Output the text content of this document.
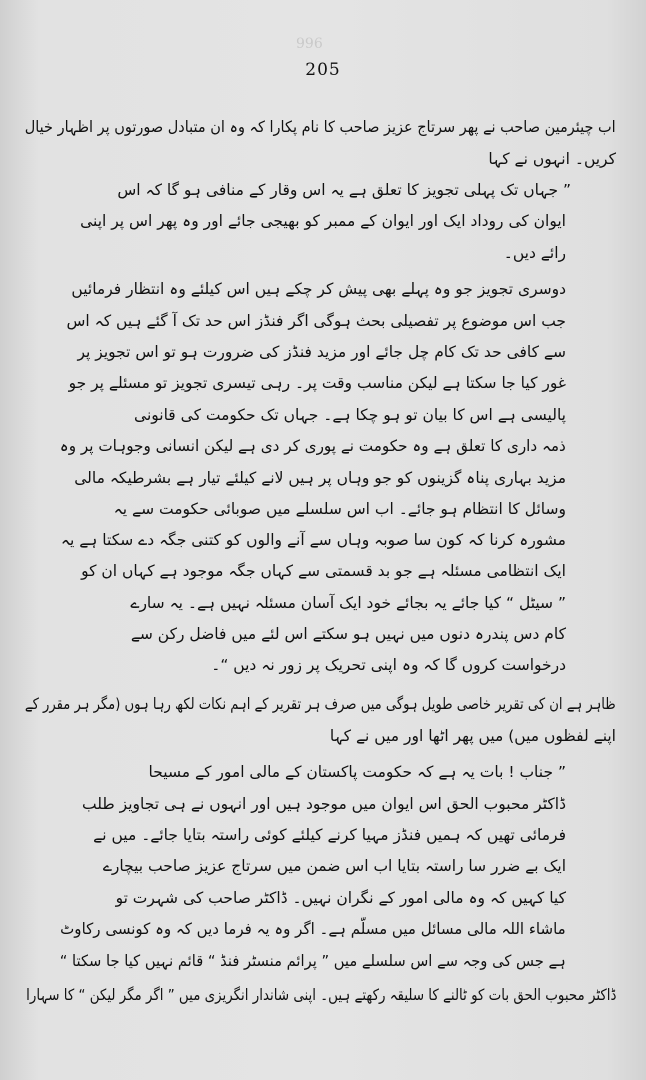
996
205
اب چیئرمین صاحب نے پھر سرتاج عزیز صاحب کا نام پکارا کہ وہ ان متبادل صورتوں پر اظہار خیال
کریں۔ انہوں نے کہا
” جہاں تک پہلی تجویز کا تعلق ہے یہ اس وقار کے منافی ہو گا کہ اس
ایوان کی روداد ایک اور ایوان کے ممبر کو بھیجی جائے اور وہ پھر اس پر اپنی
رائے دیں۔
دوسری تجویز جو وہ پہلے بھی پیش کر چکے ہیں اس کیلئے وہ انتظار فرمائیں
جب اس موضوع پر تفصیلی بحث ہوگی اگر فنڈز اس حد تک آ گئے ہیں کہ اس
سے کافی حد تک کام چل جائے اور مزید فنڈز کی ضرورت ہو تو اس تجویز پر
غور کیا جا سکتا ہے لیکن مناسب وقت پر۔ رہی تیسری تجویز تو مسئلے پر جو
پالیسی ہے اس کا بیان تو ہو چکا ہے۔ جہاں تک حکومت کی قانونی
ذمہ داری کا تعلق ہے وہ حکومت نے پوری کر دی ہے لیکن انسانی وجوہات پر وہ
مزید بہاری پناہ گزینوں کو جو وہاں پر ہیں لانے کیلئے تیار ہے بشرطیکہ مالی
وسائل کا انتظام ہو جائے۔ اب اس سلسلے میں صوبائی حکومت سے یہ
مشورہ کرنا کہ کون سا صوبہ وہاں سے آنے والوں کو کتنی جگہ دے سکتا ہے یہ
ایک انتظامی مسئلہ ہے جو بد قسمتی سے کہاں جگہ موجود ہے کہاں ان کو
” سیٹل “ کیا جائے یہ بجائے خود ایک آسان مسئلہ نہیں ہے۔ یہ سارے
کام دس پندرہ دنوں میں نہیں ہو سکتے اس لئے میں فاضل رکن سے
درخواست کروں گا کہ وہ اپنی تحریک پر زور نہ دیں “۔
ظاہر ہے ان کی تقریر خاصی طویل ہوگی میں صرف ہر تقریر کے اہم نکات لکھ رہا ہوں (مگر ہر مقرر کے
اپنے لفظوں میں) میں پھر اٹھا اور میں نے کہا
” جناب ! بات یہ ہے کہ حکومت پاکستان کے مالی امور کے مسیحا
ڈاکٹر محبوب الحق اس ایوان میں موجود ہیں اور انہوں نے ہی تجاویز طلب
فرمائی تھیں کہ ہمیں فنڈز مہیا کرنے کیلئے کوئی راستہ بتایا جائے۔ میں نے
ایک بے ضرر سا راستہ بتایا اب اس ضمن میں سرتاج عزیز صاحب بیچارے
کیا کہیں کہ وہ مالی امور کے نگران نہیں۔ ڈاکٹر صاحب کی شہرت تو
ماشاء اللہ مالی مسائل میں مسلّم ہے۔ اگر وہ یہ فرما دیں کہ وہ کونسی رکاوٹ
ہے جس کی وجہ سے اس سلسلے میں ” پرائم منسٹر فنڈ “ قائم نہیں کیا جا سکتا “
ڈاکٹر محبوب الحق بات کو ٹالنے کا سلیقہ رکھتے ہیں۔ اپنی شاندار انگریزی میں ” اگر مگر لیکن “ کا سہارا
